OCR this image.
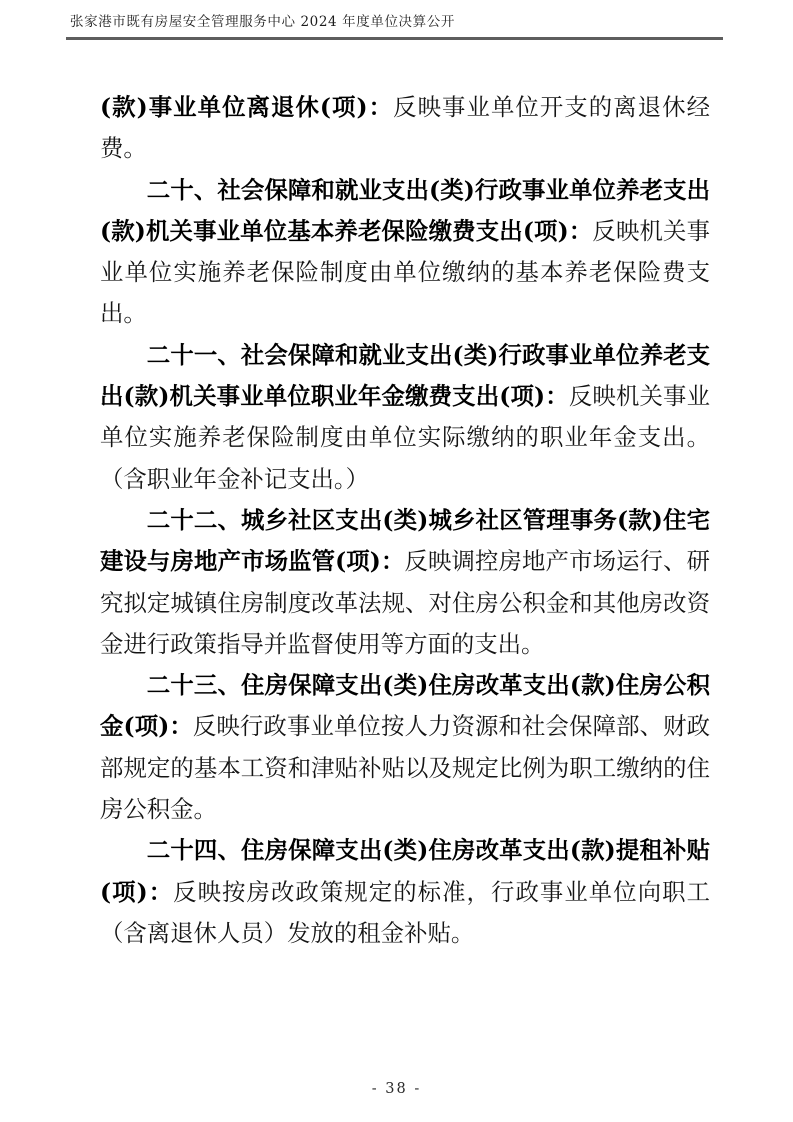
张家港市既有房屋安全管理服务中心 2024 年度单位决算公开

(款)事业单位离退休(项)：反映事业单位开支的离退休经费。

二十、社会保障和就业支出(类)行政事业单位养老支出(款)机关事业单位基本养老保险缴费支出(项)：反映机关事业单位实施养老保险制度由单位缴纳的基本养老保险费支出。

二十一、社会保障和就业支出(类)行政事业单位养老支出(款)机关事业单位职业年金缴费支出(项)：反映机关事业单位实施养老保险制度由单位实际缴纳的职业年金支出。（含职业年金补记支出。）

二十二、城乡社区支出(类)城乡社区管理事务(款)住宅建设与房地产市场监管(项)：反映调控房地产市场运行、研究拟定城镇住房制度改革法规、对住房公积金和其他房改资金进行政策指导并监督使用等方面的支出。

二十三、住房保障支出(类)住房改革支出(款)住房公积金(项)：反映行政事业单位按人力资源和社会保障部、财政部规定的基本工资和津贴补贴以及规定比例为职工缴纳的住房公积金。

二十四、住房保障支出(类)住房改革支出(款)提租补贴(项)：反映按房改政策规定的标准，行政事业单位向职工（含离退休人员）发放的租金补贴。

- 38 -
